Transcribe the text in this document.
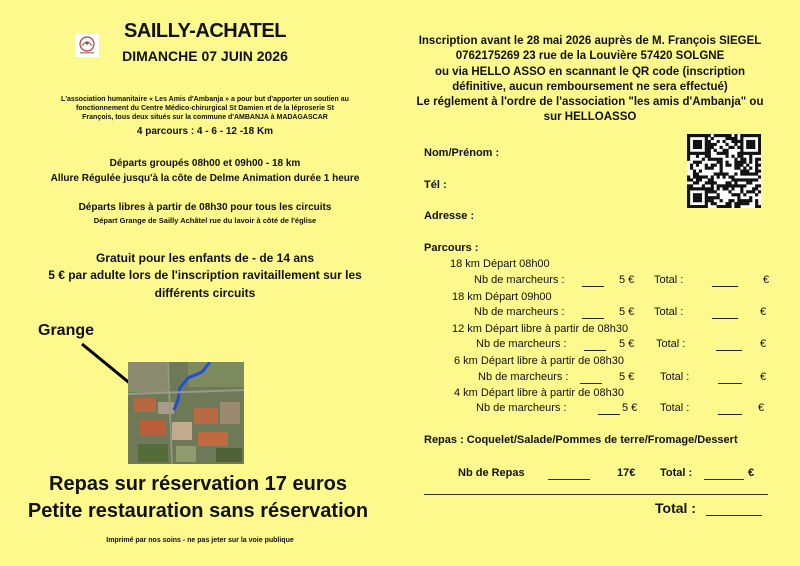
SAILLY-ACHATEL
DIMANCHE 07 JUIN 2026
L'association humanitaire « Les Amis d'Ambanja » a pour but d'apporter un soutien au fonctionnement du Centre Médico-chirurgical St Damien et de la léproserie St François, tous deux situés sur la commune d'AMBANJA à MADAGASCAR
4 parcours : 4 - 6 - 12 -18 Km
Départs groupés 08h00 et 09h00 - 18 km
Allure Régulée jusqu'à la côte de Delme Animation durée 1 heure
Départs libres à partir de 08h30 pour tous les circuits
Départ Grange de Sailly Achâtel rue du lavoir à côté de l'église
Gratuit pour les enfants de - de 14 ans
5 € par adulte lors de l'inscription ravitaillement sur les différents circuits
Grange
Repas sur réservation 17 euros
Petite restauration sans réservation
Imprimé par nos soins - ne pas jeter sur la voie publique
Inscription avant le 28 mai 2026 auprès de M. François SIEGEL
0762175269 23 rue de la Louvière 57420 SOLGNE
ou via HELLO ASSO en scannant le QR code (inscription
définitive, aucun remboursement ne sera effectué)
Le réglement à l'ordre de l'association "les amis d'Ambanja" ou
sur HELLOASSO
Nom/Prénom :
Tél :
Adresse :
Parcours :
18 km Départ 08h00
Nb de marcheurs :	5 € Total :	€
18 km Départ 09h00
Nb de marcheurs :	5 € Total :	€
12 km Départ libre à partir de 08h30
Nb de marcheurs :	5 € Total :	€
6 km Départ libre à partir de 08h30
Nb de marcheurs :	5 € Total :	€
4 km Départ libre à partir de 08h30
Nb de marcheurs :	5 € Total :	€
Repas : Coquelet/Salade/Pommes de terre/Fromage/Dessert
Nb de Repas	17€ Total :	€
Total :
